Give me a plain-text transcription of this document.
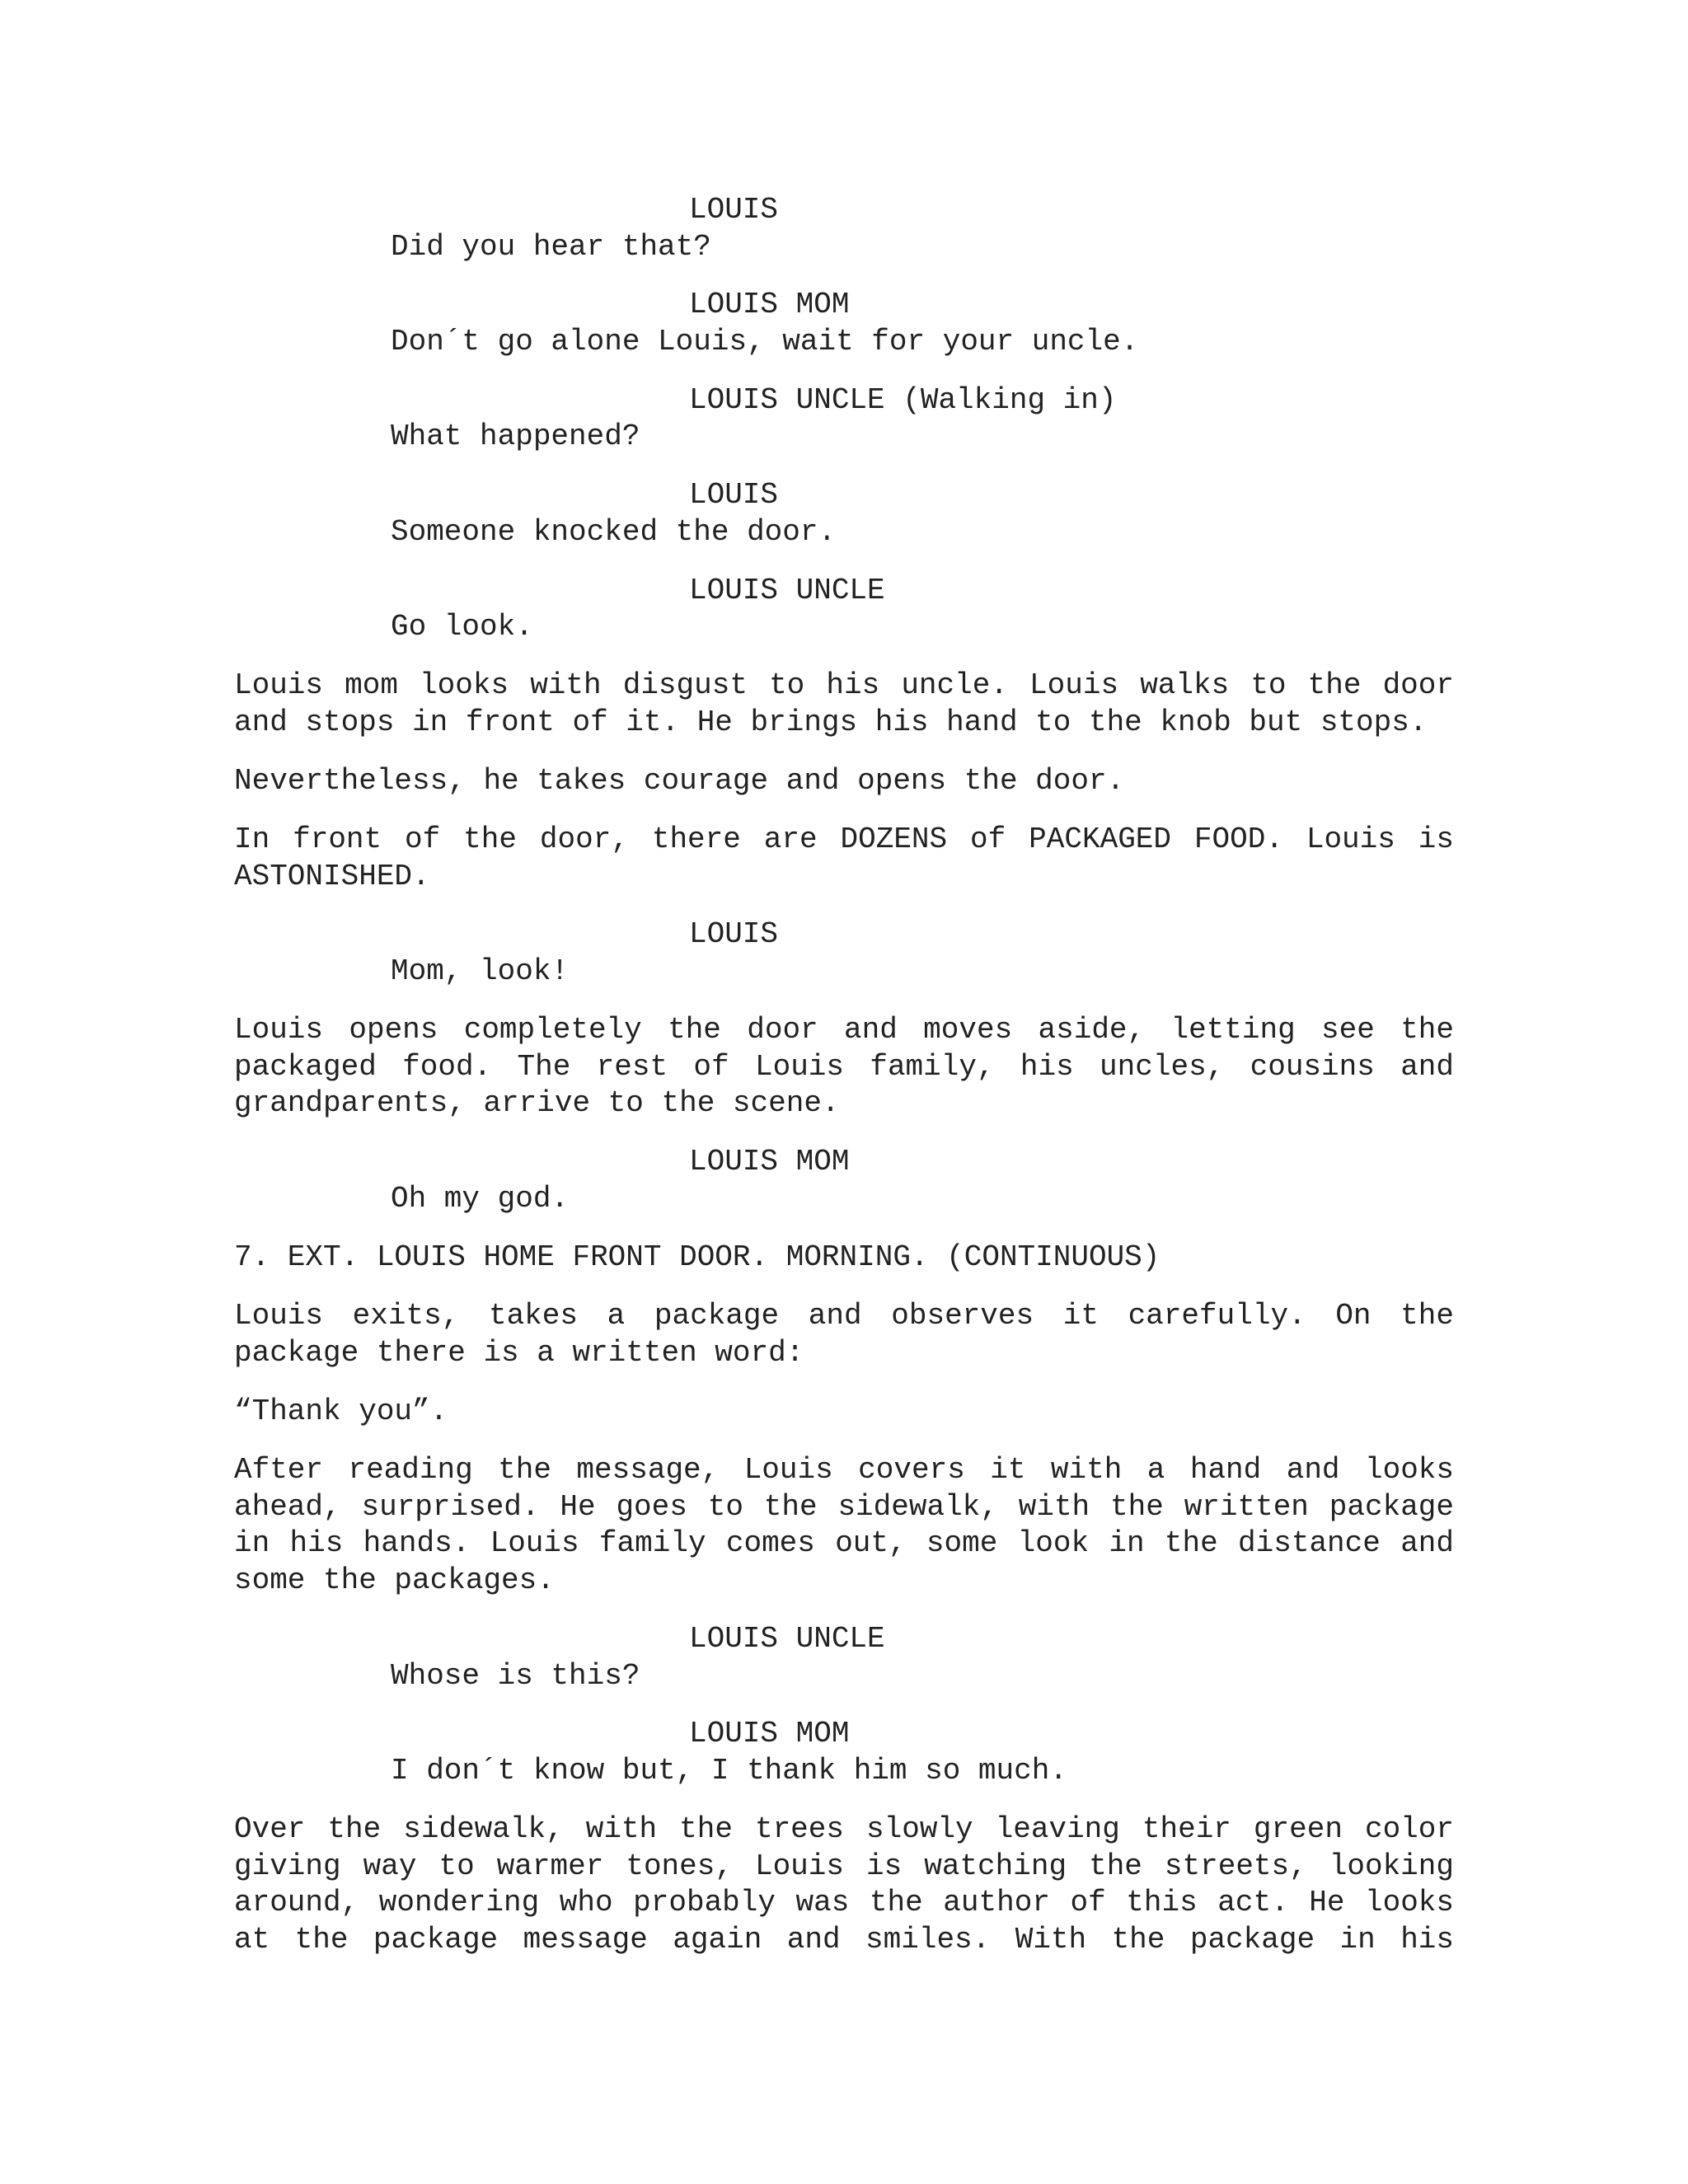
LOUIS
Did you hear that?
LOUIS MOM
Don´t go alone Louis, wait for your uncle.
LOUIS UNCLE (Walking in)
What happened?
LOUIS
Someone knocked the door.
LOUIS UNCLE
Go look.
Louis mom looks with disgust to his uncle. Louis walks to the door
and stops in front of it. He brings his hand to the knob but stops.
Nevertheless, he takes courage and opens the door.
In front of the door, there are DOZENS of PACKAGED FOOD. Louis is
ASTONISHED.
LOUIS
Mom, look!
Louis opens completely the door and moves aside, letting see the
packaged food. The rest of Louis family, his uncles, cousins and
grandparents, arrive to the scene.
LOUIS MOM
Oh my god.
7. EXT. LOUIS HOME FRONT DOOR. MORNING. (CONTINUOUS)
Louis exits, takes a package and observes it carefully. On the
package there is a written word:
“Thank you”.
After reading the message, Louis covers it with a hand and looks
ahead, surprised. He goes to the sidewalk, with the written package
in his hands. Louis family comes out, some look in the distance and
some the packages.
LOUIS UNCLE
Whose is this?
LOUIS MOM
I don´t know but, I thank him so much.
Over the sidewalk, with the trees slowly leaving their green color
giving way to warmer tones, Louis is watching the streets, looking
around, wondering who probably was the author of this act. He looks
at the package message again and smiles. With the package in his
